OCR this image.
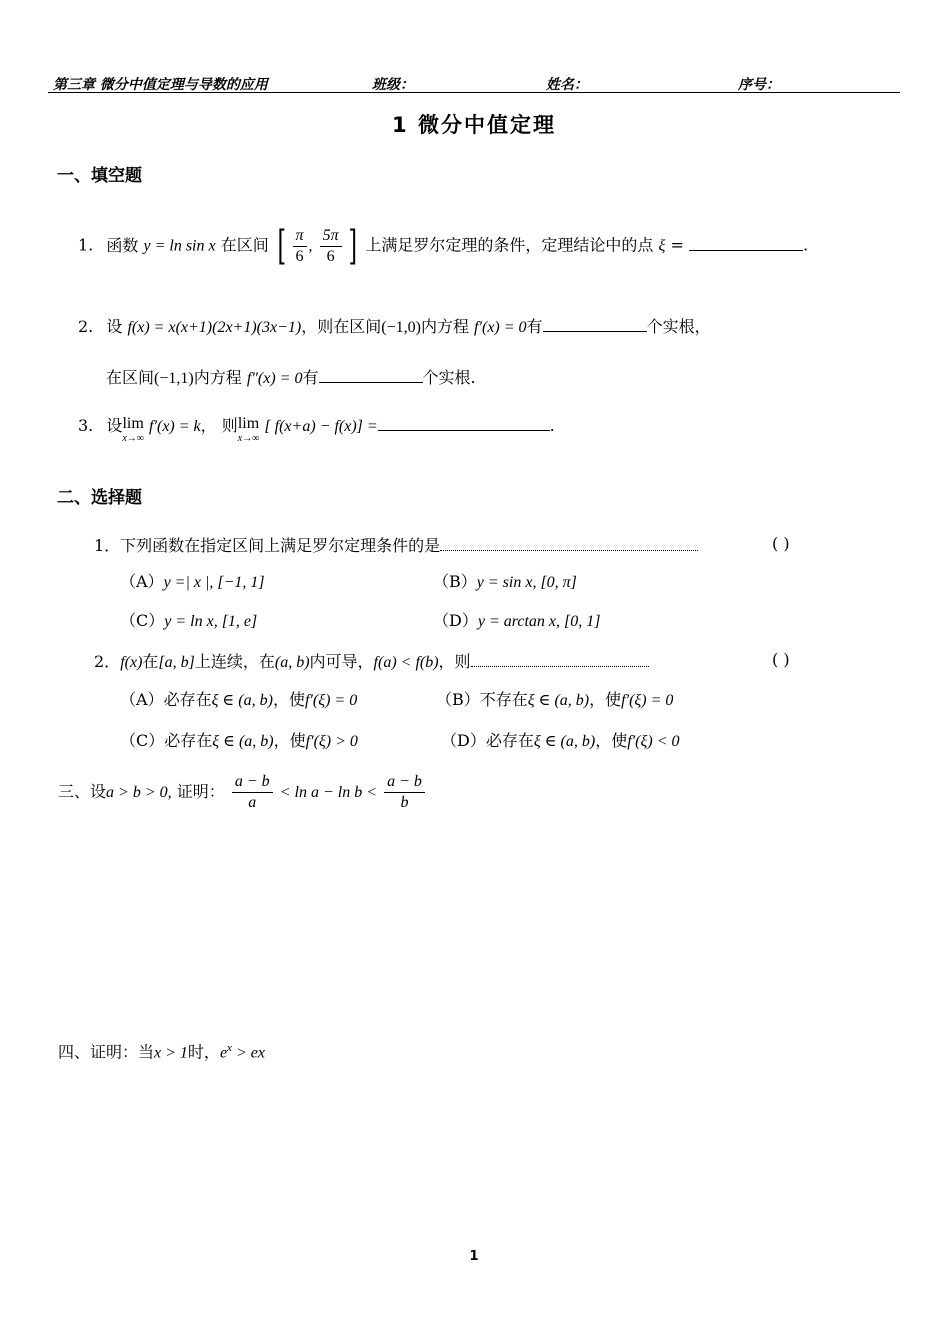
第三章 微分中值定理与导数的应用	班级：	姓名：	序号：
1 微分中值定理
一、填空题
1. 函数 y = ln sin x 在区间 [ $\frac{\pi}{6}$ , $\frac{5\pi}{6}$ ] 上满足罗尔定理的条件，定理结论中的点 ξ =	.
2. 设 f(x) = x(x+1)(2x+1)(3x−1)，则在区间(−1,0)内方程 f′(x) = 0有	个实根，
在区间(−1,1)内方程 f″(x) = 0有	个实根.
3. 设lim
x→∞
f′(x) = k， 则lim
x→∞
[ f(x+a) − f(x)] =	.
二、选择题
1．下列函数在指定区间上满足罗尔定理条件的是	( )
（A）y =| x |, [−1, 1]	（B）y = sin x, [0, π]
（C）y = ln x, [1, e]	（D）y = arctan x, [0, 1]
2．f(x)在[a, b]上连续，在(a, b)内可导，f(a) < f(b)，则	( )
（A）必存在ξ ∈ (a, b)，使f′(ξ) = 0	（B）不存在ξ ∈ (a, b)，使f′(ξ) = 0
（C）必存在ξ ∈ (a, b)，使f′(ξ) > 0	（D）必存在ξ ∈ (a, b)，使f′(ξ) < 0
三、设a > b > 0, 证明： $\frac{a - b}{a} < \ln a - \ln b < \frac{a - b}{b}$
四、证明：当x > 1时，$e^x$ > ex
1
